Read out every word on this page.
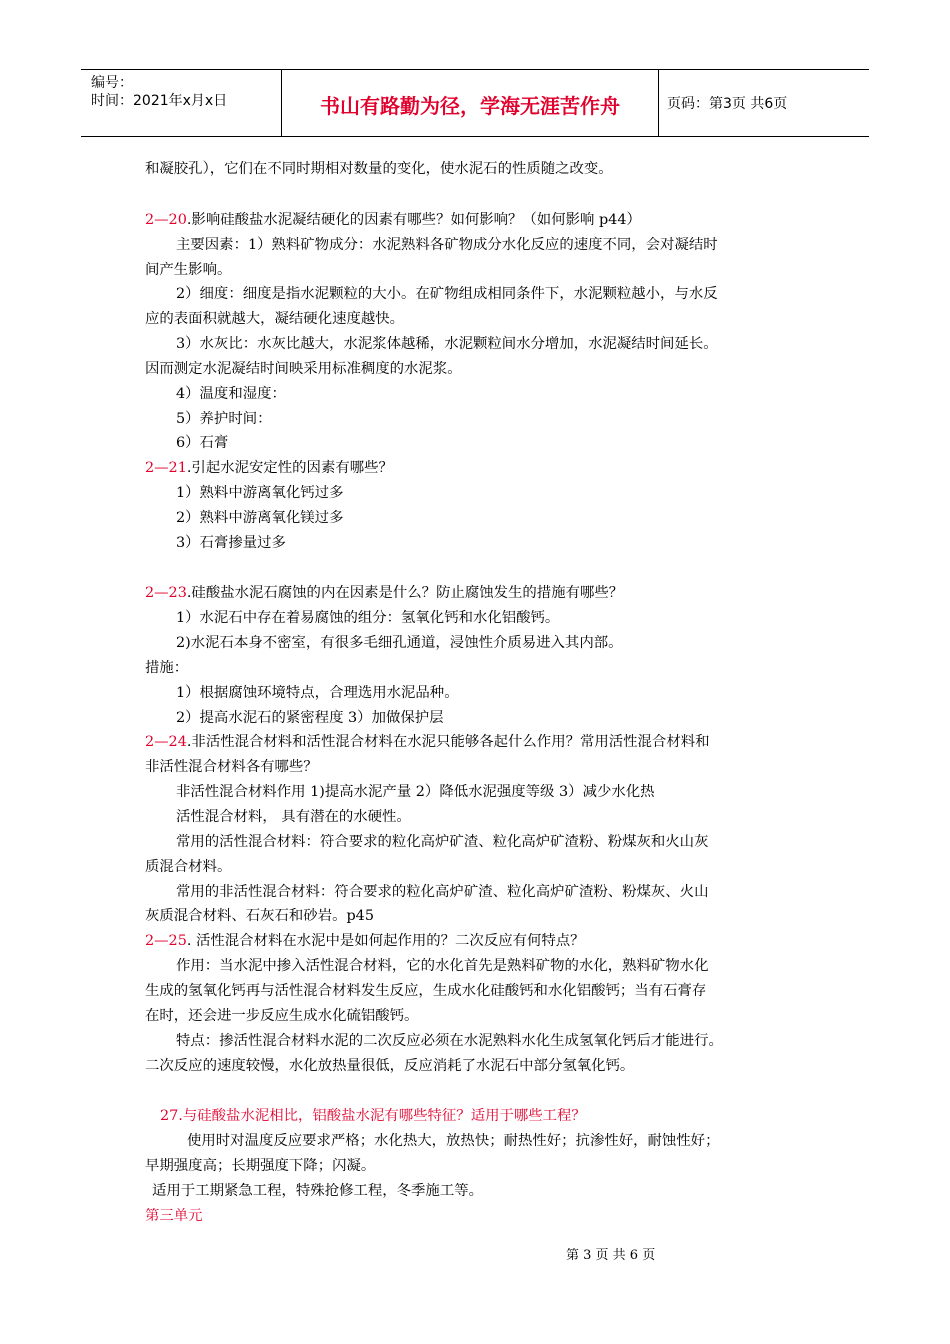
编号：
时间：2021年x月x日	书山有路勤为径，学海无涯苦作舟	页码：第3页 共6页
和凝胶孔），它们在不同时期相对数量的变化，使水泥石的性质随之改变。
2—20.影响硅酸盐水泥凝结硬化的因素有哪些？如何影响？（如何影响 p44）
主要因素：1）熟料矿物成分：水泥熟料各矿物成分水化反应的速度不同，会对凝结时
间产生影响。
2）细度：细度是指水泥颗粒的大小。在矿物组成相同条件下，水泥颗粒越小，与水反
应的表面积就越大，凝结硬化速度越快。
3）水灰比：水灰比越大，水泥浆体越稀，水泥颗粒间水分增加，水泥凝结时间延长。
因而测定水泥凝结时间映采用标准稠度的水泥浆。
4）温度和湿度：
5）养护时间：
6）石膏
2—21.引起水泥安定性的因素有哪些？
1）熟料中游离氧化钙过多
2）熟料中游离氧化镁过多
3）石膏掺量过多
2—23.硅酸盐水泥石腐蚀的内在因素是什么？防止腐蚀发生的措施有哪些？
1）水泥石中存在着易腐蚀的组分：氢氧化钙和水化铝酸钙。
2)水泥石本身不密室，有很多毛细孔通道，浸蚀性介质易进入其内部。
措施：
1）根据腐蚀环境特点，合理选用水泥品种。
2）提高水泥石的紧密程度 3）加做保护层
2—24.非活性混合材料和活性混合材料在水泥只能够各起什么作用？常用活性混合材料和
非活性混合材料各有哪些？
非活性混合材料作用 1)提高水泥产量 2）降低水泥强度等级 3）减少水化热
活性混合材料， 具有潜在的水硬性。
常用的活性混合材料：符合要求的粒化高炉矿渣、粒化高炉矿渣粉、粉煤灰和火山灰
质混合材料。
常用的非活性混合材料：符合要求的粒化高炉矿渣、粒化高炉矿渣粉、粉煤灰、火山
灰质混合材料、石灰石和砂岩。p45
2—25. 活性混合材料在水泥中是如何起作用的？二次反应有何特点？
作用：当水泥中掺入活性混合材料，它的水化首先是熟料矿物的水化，熟料矿物水化
生成的氢氧化钙再与活性混合材料发生反应，生成水化硅酸钙和水化铝酸钙；当有石膏存
在时，还会进一步反应生成水化硫铝酸钙。
特点：掺活性混合材料水泥的二次反应必须在水泥熟料水化生成氢氧化钙后才能进行。
二次反应的速度较慢，水化放热量很低，反应消耗了水泥石中部分氢氧化钙。
27.与硅酸盐水泥相比，铝酸盐水泥有哪些特征？适用于哪些工程？
使用时对温度反应要求严格；水化热大，放热快；耐热性好；抗渗性好，耐蚀性好；
早期强度高；长期强度下降；闪凝。
适用于工期紧急工程，特殊抢修工程，冬季施工等。
第三单元
第 3 页 共 6 页
